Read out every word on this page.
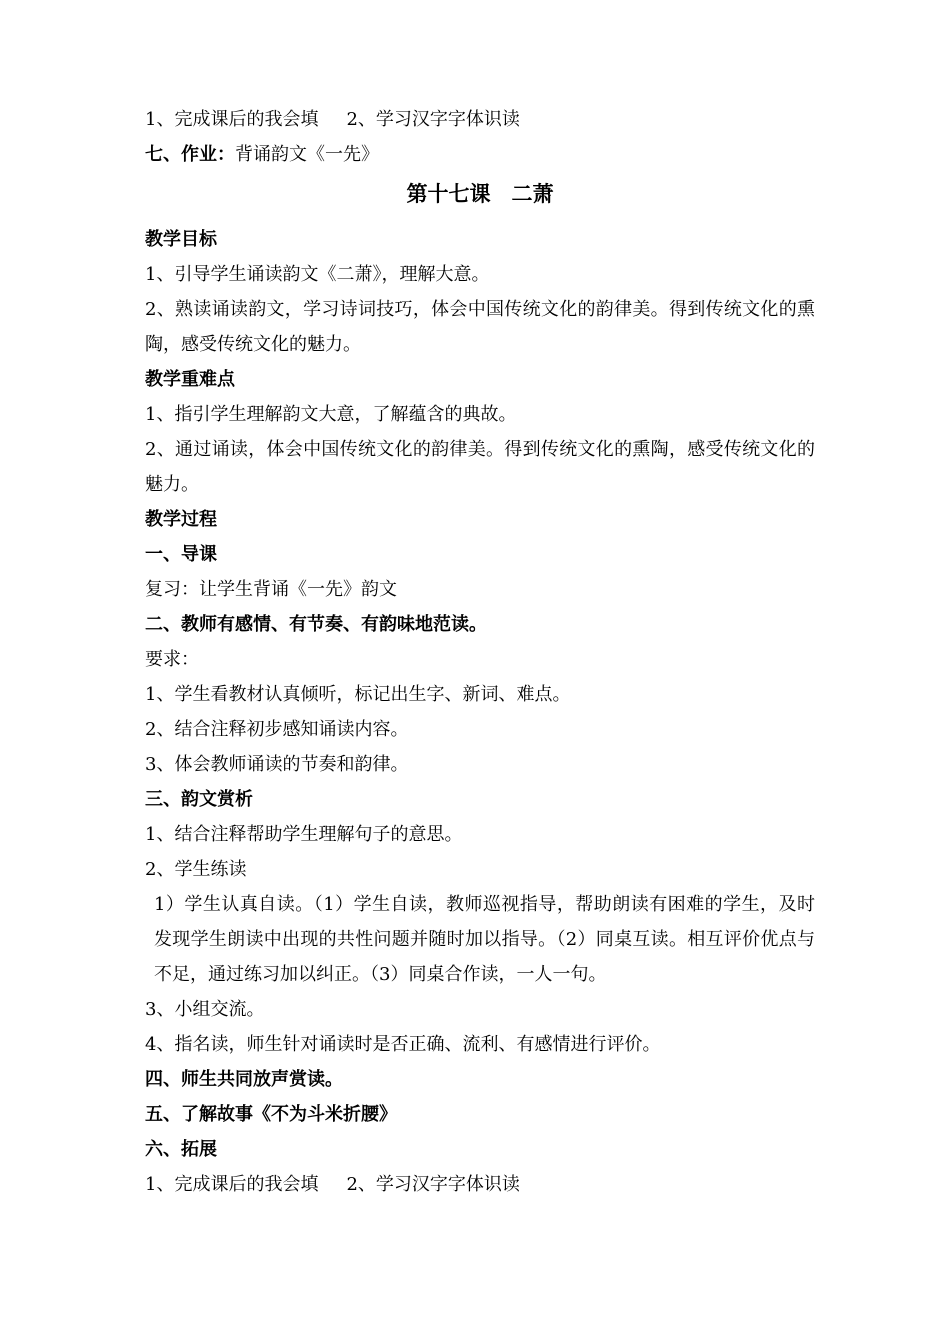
1、完成课后的我会填 2、学习汉字字体识读
七、作业：背诵韵文《一先》
第十七课　二萧
教学目标
1、引导学生诵读韵文《二萧》，理解大意。
2、熟读诵读韵文，学习诗词技巧，体会中国传统文化的韵律美。得到传统文化的熏陶，感受传统文化的魅力。
教学重难点
1、指引学生理解韵文大意，了解蕴含的典故。
2、通过诵读，体会中国传统文化的韵律美。得到传统文化的熏陶，感受传统文化的魅力。
教学过程
一、导课
复习：让学生背诵《一先》韵文
二、教师有感情、有节奏、有韵味地范读。
要求：
1、学生看教材认真倾听，标记出生字、新词、难点。
2、结合注释初步感知诵读内容。
3、体会教师诵读的节奏和韵律。
三、韵文赏析
1、结合注释帮助学生理解句子的意思。
2、学生练读
1）学生认真自读。（1）学生自读，教师巡视指导，帮助朗读有困难的学生，及时发现学生朗读中出现的共性问题并随时加以指导。（2）同桌互读。相互评价优点与不足，通过练习加以纠正。（3）同桌合作读，一人一句。
3、小组交流。
4、指名读，师生针对诵读时是否正确、流利、有感情进行评价。
四、师生共同放声赏读。
五、了解故事《不为斗米折腰》
六、拓展
1、完成课后的我会填 2、学习汉字字体识读
